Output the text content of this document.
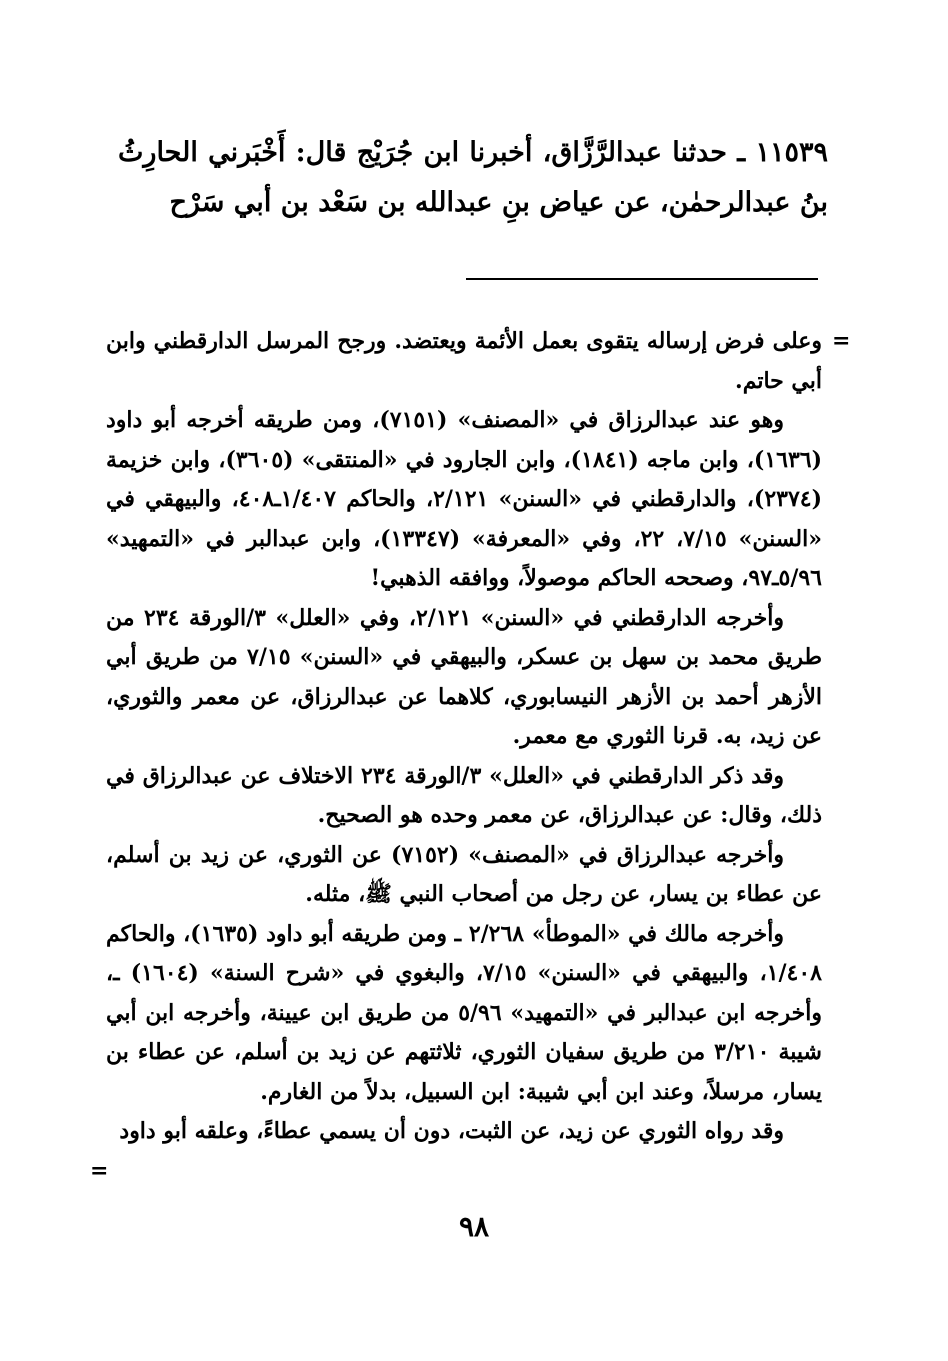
١١٥٣٩ ـ حدثنا عبدالرَّزَّاق، أخبرنا ابن جُرَيْج قال: أَخْبَرني الحارِثُ بنُ عبدالرحمٰن، عن عياض بنِ عبدالله بن سَعْد بن أبي سَرْح
=

وعلى فرض إرساله يتقوى بعمل الأئمة ويعتضد. ورجح المرسل الدارقطني وابن أبي حاتم.

وهو عند عبدالرزاق في «المصنف» (٧١٥١)، ومن طريقه أخرجه أبو داود (١٦٣٦)، وابن ماجه (١٨٤١)، وابن الجارود في «المنتقى» (٣٦٠٥)، وابن خزيمة (٢٣٧٤)، والدارقطني في «السنن» ٢/١٢١، والحاكم ١/٤٠٧ـ٤٠٨، والبيهقي في «السنن» ٧/١٥، ٢٢، وفي «المعرفة» (١٣٣٤٧)، وابن عبدالبر في «التمهيد» ٥/٩٦ـ٩٧، وصححه الحاكم موصولاً، ووافقه الذهبي!

وأخرجه الدارقطني في «السنن» ٢/١٢١، وفي «العلل» ٣/الورقة ٢٣٤ من طريق محمد بن سهل بن عسكر، والبيهقي في «السنن» ٧/١٥ من طريق أبي الأزهر أحمد بن الأزهر النيسابوري، كلاهما عن عبدالرزاق، عن معمر والثوري، عن زيد، به. قرنا الثوري مع معمر.

وقد ذكر الدارقطني في «العلل» ٣/الورقة ٢٣٤ الاختلاف عن عبدالرزاق في ذلك، وقال: عن عبدالرزاق، عن معمر وحده هو الصحيح.

وأخرجه عبدالرزاق في «المصنف» (٧١٥٢) عن الثوري، عن زيد بن أسلم، عن عطاء بن يسار، عن رجل من أصحاب النبي ﷺ، مثله.

وأخرجه مالك في «الموطأ» ٢/٢٦٨ ـ ومن طريقه أبو داود (١٦٣٥)، والحاكم ١/٤٠٨، والبيهقي في «السنن» ٧/١٥، والبغوي في «شرح السنة» (١٦٠٤) ـ، وأخرجه ابن عبدالبر في «التمهيد» ٥/٩٦ من طريق ابن عيينة، وأخرجه ابن أبي شيبة ٣/٢١٠ من طريق سفيان الثوري، ثلاثتهم عن زيد بن أسلم، عن عطاء بن يسار، مرسلاً، وعند ابن أبي شيبة: ابن السبيل، بدلاً من الغارم.

وقد رواه الثوري عن زيد، عن الثبت، دون أن يسمي عطاءً، وعلقه أبو داود

=
٩٨
